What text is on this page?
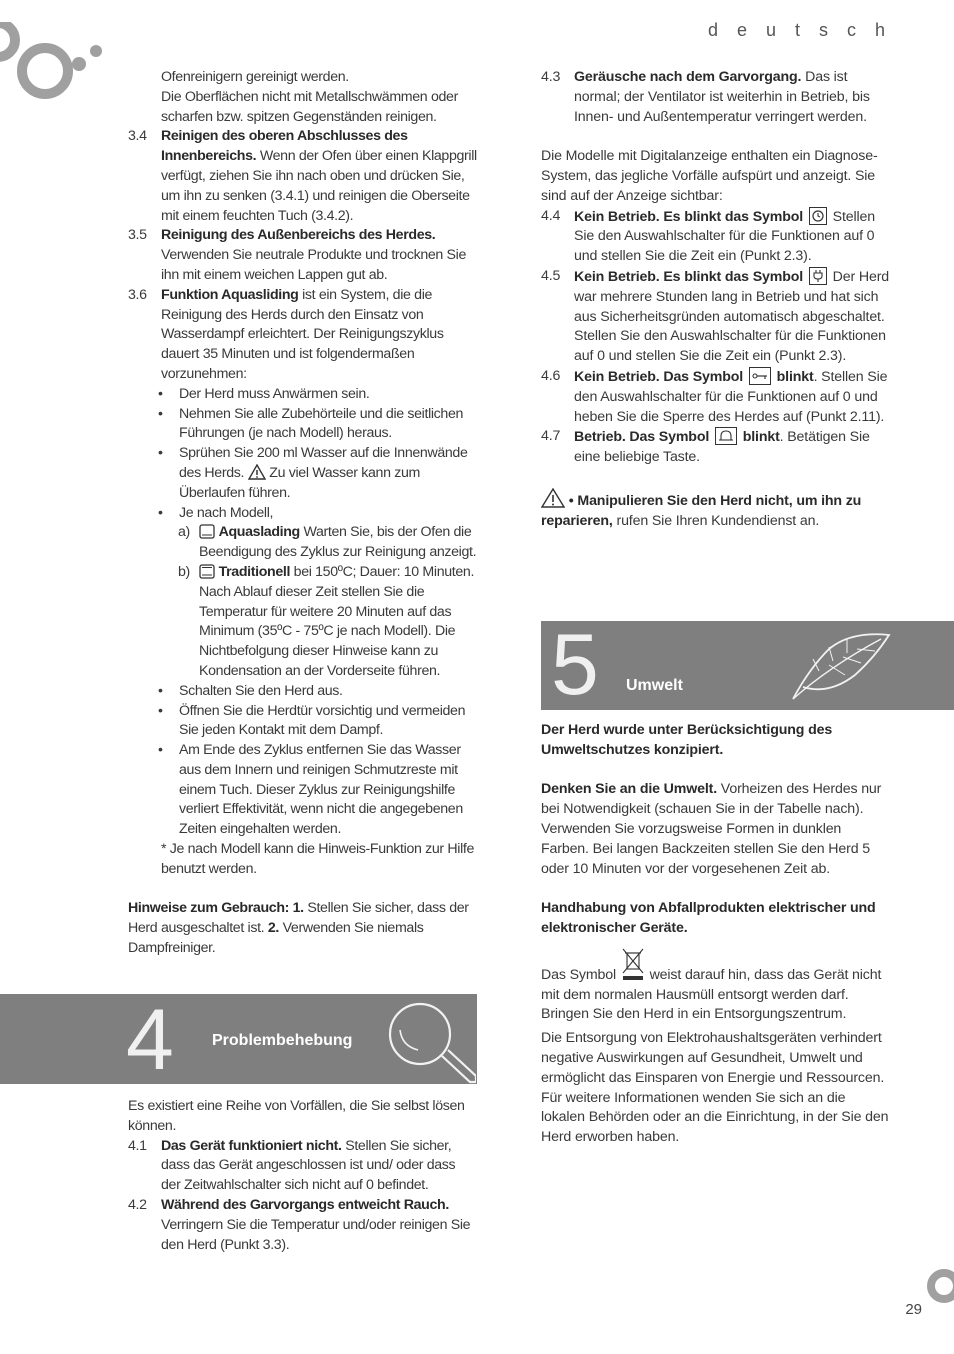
d e u t s c h
Ofenreinigern gereinigt werden.
Die Oberflächen nicht mit Metallschwämmen oder scharfen bzw. spitzen Gegenständen reinigen.
3.4 Reinigen des oberen Abschlusses des Innenbereichs. Wenn der Ofen über einen Klappgrill verfügt, ziehen Sie ihn nach oben und drücken Sie, um ihn zu senken (3.4.1) und reinigen die Oberseite mit einem feuchten Tuch (3.4.2).
3.5 Reinigung des Außenbereichs des Herdes. Verwenden Sie neutrale Produkte und trocknen Sie ihn mit einem weichen Lappen gut ab.
3.6 Funktion Aquasliding ist ein System, die die Reinigung des Herds durch den Einsatz von Wasserdampf erleichtert. Der Reinigungszyklus dauert 35 Minuten und ist folgendermaßen vorzunehmen:
• Der Herd muss Anwärmen sein.
• Nehmen Sie alle Zubehörteile und die seitlichen Führungen (je nach Modell) heraus.
• Sprühen Sie 200 ml Wasser auf die Innenwände des Herds.  Zu viel Wasser kann zum Überlaufen führen.
• Je nach Modell,
a) Aquaslading Warten Sie, bis der Ofen die Beendigung des Zyklus zur Reinigung anzeigt.
b) Traditionell bei 150ºC; Dauer: 10 Minuten. Nach Ablauf dieser Zeit stellen Sie die Temperatur für weitere 20 Minuten auf das Minimum (35ºC - 75ºC je nach Modell). Die Nichtbefolgung dieser Hinweise kann zu Kondensation an der Vorderseite führen.
• Schalten Sie den Herd aus.
• Öffnen Sie die Herdtür vorsichtig und vermeiden Sie jeden Kontakt mit dem Dampf.
• Am Ende des Zyklus entfernen Sie das Wasser aus dem Innern und reinigen Schmutzreste mit einem Tuch. Dieser Zyklus zur Reinigungshilfe verliert Effektivität, wenn nicht die angegebenen Zeiten eingehalten werden.
* Je nach Modell kann die Hinweis-Funktion zur Hilfe benutzt werden.
Hinweise zum Gebrauch: 1. Stellen Sie sicher, dass der Herd ausgeschaltet ist. 2. Verwenden Sie niemals Dampfreiniger.
4 Problembehebung
Es existiert eine Reihe von Vorfällen, die Sie selbst lösen können.
4.1 Das Gerät funktioniert nicht. Stellen Sie sicher, dass das Gerät angeschlossen ist und/ oder dass der Zeitwahlschalter sich nicht auf 0 befindet.
4.2 Während des Garvorgangs entweicht Rauch. Verringern Sie die Temperatur und/oder reinigen Sie den Herd (Punkt 3.3).
4.3 Geräusche nach dem Garvorgang. Das ist normal; der Ventilator ist weiterhin in Betrieb, bis Innen- und Außentemperatur verringert werden.
Die Modelle mit Digitalanzeige enthalten ein Diagnose-System, das jegliche Vorfälle aufspürt und anzeigt. Sie sind auf der Anzeige sichtbar:
4.4 Kein Betrieb. Es blinkt das Symbol
Stellen Sie den Auswahlschalter für die Funktionen auf 0 und stellen Sie die Zeit ein (Punkt 2.3).
4.5 Kein Betrieb. Es blinkt das Symbol
Der Herd war mehrere Stunden lang in Betrieb und hat sich aus Sicherheitsgründen automatisch abgeschaltet. Stellen Sie den Auswahlschalter für die Funktionen auf 0 und stellen Sie die Zeit ein (Punkt 2.3).
4.6 Kein Betrieb. Das Symbol
blinkt. Stellen Sie den Auswahlschalter für die Funktionen auf 0 und heben Sie die Sperre des Herdes auf (Punkt 2.11).
4.7 Betrieb. Das Symbol
blinkt. Betätigen Sie eine beliebige Taste.
• Manipulieren Sie den Herd nicht, um ihn zu reparieren, rufen Sie Ihren Kundendienst an.
5 Umwelt
Der Herd wurde unter Berücksichtigung des Umweltschutzes konzipiert.
Denken Sie an die Umwelt. Vorheizen des Herdes nur bei Notwendigkeit (schauen Sie in der Tabelle nach). Verwenden Sie vorzugsweise Formen in dunklen Farben. Bei langen Backzeiten stellen Sie den Herd 5 oder 10 Minuten vor der vorgesehenen Zeit ab.
Handhabung von Abfallprodukten elektrischer und elektronischer Geräte.
Das Symbol  weist darauf hin, dass das Gerät nicht mit dem normalen Hausmüll entsorgt werden darf. Bringen Sie den Herd in ein Entsorgungszentrum.
Die Entsorgung von Elektrohaushaltsgeräten verhindert negative Auswirkungen auf Gesundheit, Umwelt und ermöglicht das Einsparen von Energie und Ressourcen.
Für weitere Informationen wenden Sie sich an die lokalen Behörden oder an die Einrichtung, in der Sie den Herd erworben haben.
29
